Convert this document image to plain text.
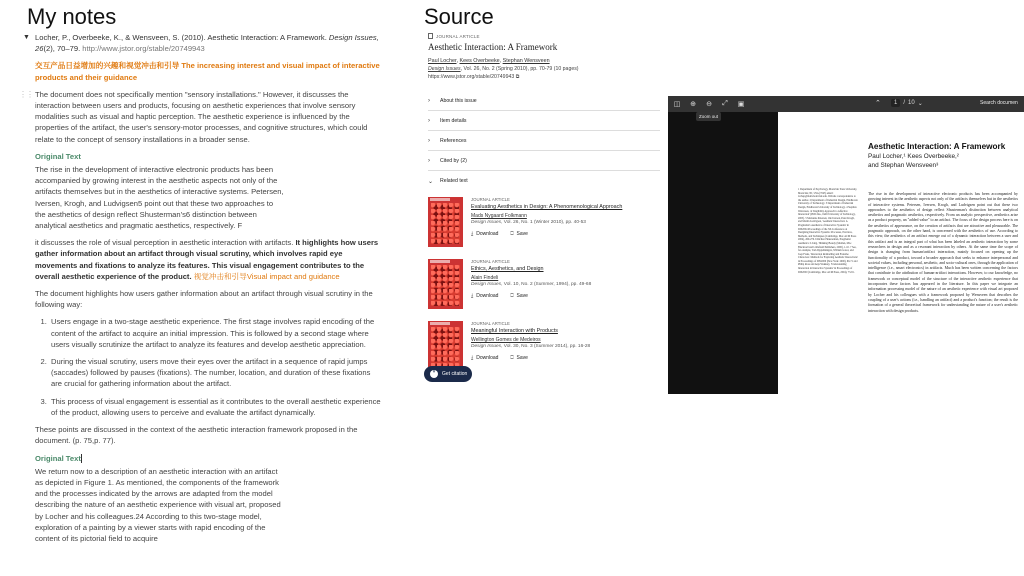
My notes
▼ Locher, P., Overbeeke, K., & Wensveen, S. (2010). Aesthetic Interaction: A Framework. Design Issues, 26(2), 70–79. http://www.jstor.org/stable/20749943

交互产品日益增加的兴趣和视觉冲击和引导 The increasing interest and visual impact of interactive products and their guidance

⋮⋮ The document does not specifically mention "sensory installations." However, it discusses the interaction between users and products, focusing on aesthetic experiences that involve sensory modalities such as visual and haptic perception. The aesthetic experience is influenced by the properties of the artifact, the user's sensory-motor processes, and cognitive structures, which could relate to the concept of sensory installations in a broader sense.

Original Text

The rise in the development of interactive electronic products has been accompanied by growing interest in the aesthetic aspects not only of the artifacts themselves but in the aesthetics of interactive systems. Petersen, Iversen, Krogh, and Ludvigsen5 point out that these two approaches to the aesthetics of design reflect Shusterman's6 distinction between analytical aesthetics and pragmatic aesthetics, respectively. F

it discusses the role of visual perception in aesthetic interaction with artifacts. It highlights how users gather information about an artifact through visual scrutiny, which involves rapid eye movements and fixations to analyze its features. This visual engagement contributes to the overall aesthetic experience of the product. 视觉冲击和引导Visual impact and guidance

The document highlights how users gather information about an artifact through visual scrutiny in the following way:

1. Users engage in a two-stage aesthetic experience. The first stage involves rapid encoding of the content of the artifact to acquire an initial impression. This is followed by a second stage where users visually scrutinize the artifact to analyze its features and develop aesthetic appreciation.
2. During the visual scrutiny, users move their eyes over the artifact in a sequence of rapid jumps (saccades) followed by pauses (fixations). The number, location, and duration of these fixations are crucial for gathering information about the artifact.
3. This process of visual engagement is essential as it contributes to the overall aesthetic experience of the product, allowing users to perceive and evaluate the artifact dynamically.

These points are discussed in the context of the aesthetic interaction framework proposed in the document. (p. 75,p. 77).

Original Text

We return now to a description of an aesthetic interaction with an artifact as depicted in Figure 1. As mentioned, the components of the framework and the processes indicated by the arrows are adapted from the model describing the nature of an aesthetic experience with visual art, proposed by Locher and his colleagues.24 According to this two-stage model, exploration of a painting by a viewer starts with rapid encoding of the content of its pictorial field to acquire

Source
JOURNAL ARTICLE
Aesthetic Interaction: A Framework
Paul Locher, Kees Overbeeke, Stephan Wensveen
Design Issues, Vol. 26, No. 2 (Spring 2010), pp. 70-79 (10 pages)
https://www.jstor.org/stable/20749943 ⧉
›	About this issue
›	Item details
›	References
›	Cited by (2)
⌄ Related text
JOURNAL ARTICLE
Evaluating Aesthetics in Design: A Phenomenological Approach
Mads Nygaard Folkmann
Design Issues, Vol. 26, No. 1 (Winter 2010), pp. 40-53
⤓ Download ⎕ Save
JOURNAL ARTICLE
Ethics, Aesthetics, and Design
Alain Findeli
Design Issues, Vol. 10, No. 2 (Summer, 1994), pp. 49-68
⤓ Download ⎕ Save
JOURNAL ARTICLE
Meaningful Interaction with Products
Wellington Gomes de Medeiros
Design Issues, Vol. 30, No. 3 (Summer 2014), pp. 16-28
⤓ Download ⎕ Save
”	Get citation
◫	⊕	⊖	⤢	▣	⌃	1	/ 10 ⌄	Search documen
Aesthetic Interaction: A Framework
Paul Locher,¹ Kees Overbeeke,²
and Stephan Wensveen³
1 Department of Psychology, Montclair State University, Montclair, NJ, USA (7043) email: lochap@mail.montclair.edu. Website correspondence to the author. 2 Department of Industrial Design, Eindhoven University of Technology. 3 Department of Industrial Design, Eindhoven University of Technology. 4 Stephan Wensveen, 'A Tangibility Approach to Affective Interaction' (PhD diss., Delft University of Technology, 2005). 5 Marianne Petersen, Ole Iversen, Peter Krogh, and Martin Ludvigsen, 'Aesthetic Interaction: A Pragmatist's Aesthetics of Interactive Systems' in DIS2004 Proceedings of the 5th Conference on Designing Interactive Systems: Processes, Practices, Methods, and Techniques (Cambridge, MA: ACM Press 2004), 269-276. 6 Richard Shusterman, Pragmatist Aesthetics: Living, Thinking Beauty (Malden, MA: Blackwell and Littlefield Publishers, 2000), 1-10. 7 See, for example, Tom Djajadiningrat, William Gaver, and Joep Frens, 'Interaction Relabelling and Extreme Characters: Methods for Exploring Aesthetic Interactions' in Proceedings of DIS2000 (New York: 2000), 66-71 and Philip Ross and Anja Wakkary, 'Understanding Interaction in Interactive Systems' in Proceedings of DIS2000 (Cambridge, MA: ACM Press, 2004), 73-81.
The rise in the development of interactive electronic products has been accompanied by growing interest in the aesthetic aspects not only of the artifacts themselves but in the aesthetics of interactive systems. Petersen, Iversen, Krogh, and Ludvigsen point out that these two approaches to the aesthetics of design reflect Shusterman's distinction between analytical aesthetics and pragmatic aesthetics, respectively. From an analytic perspective, aesthetics arise as a product property, an "added value" to an artifact. The focus of the design process here is on the aesthetics of appearance, on the creation of artifacts that are attractive and pleasurable. The pragmatic approach, on the other hand, is concerned with the aesthetics of use. According to this view, the aesthetics of an artifact emerge out of a dynamic interaction between a user and this artifact and is an integral part of what has been labeled an aesthetic interaction by some researchers in design and as a resonant interaction by others. At the same time the scope of design is changing from human/artifact interaction, mainly focused on opening up the functionality of a product, toward a broader approach that seeks to enhance interpersonal and societal values, including personal, aesthetic, and socio-cultural ones, through the application of intelligence (i.e., smart electronics) in artifacts. Much has been written concerning the factors that contribute to the attribution of human-artifact interactions. However, to our knowledge, no framework or conceptual model of the structure of the interactive aesthetic experience that incorporates these factors has appeared in the literature. In this paper we integrate an information processing model of the nature of an aesthetic experience with visual art proposed by Locher and his colleagues with a framework proposed by Wensveen that describes the coupling of a user's actions (i.e., handling an artifact) and a product's function; the result is the formation of a general theoretical framework for understanding the nature of a user's aesthetic interaction with design products.
Zoom out
